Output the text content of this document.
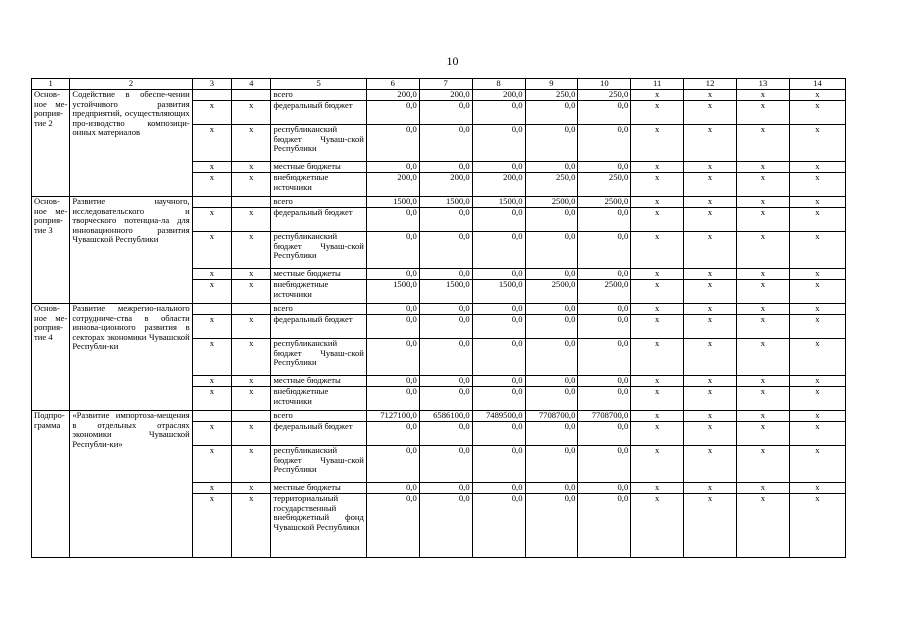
10
1	2	3	4	5	6	7	8	9	10	11	12	13	14
Основ-ное ме-роприя-тие 2	Содействие в обеспе-чении устойчивого развития предприятий, осуществляющих про-изводство композици-онных материалов			всего	200,0	200,0	200,0	250,0	250,0	х	х	х	х
		х	х	федеральный бюджет	0,0	0,0	0,0	0,0	0,0	х	х	х	х
		х	х	республиканский бюджет Чуваш-ской Республики	0,0	0,0	0,0	0,0	0,0	х	х	х	х
		х	х	местные бюджеты	0,0	0,0	0,0	0,0	0,0	х	х	х	х
		х	х	внебюджетные источники	200,0	200,0	200,0	250,0	250,0	х	х	х	х
Основ-ное ме-роприя-тие 3	Развитие научного, исследовательского и творческого потенциа-ла для инновационного развития Чувашской Республики			всего	1500,0	1500,0	1500,0	2500,0	2500,0	х	х	х	х
		х	х	федеральный бюджет	0,0	0,0	0,0	0,0	0,0	х	х	х	х
		х	х	республиканский бюджет Чуваш-ской Республики	0,0	0,0	0,0	0,0	0,0	х	х	х	х
		х	х	местные бюджеты	0,0	0,0	0,0	0,0	0,0	х	х	х	х
		х	х	внебюджетные источники	1500,0	1500,0	1500,0	2500,0	2500,0	х	х	х	х
Основ-ное ме-роприя-тие 4	Развитие межрегио-нального сотрудниче-ства в области иннова-ционного развития в секторах экономики Чувашской Республи-ки			всего	0,0	0,0	0,0	0,0	0,0	х	х	х	х
		х	х	федеральный бюджет	0,0	0,0	0,0	0,0	0,0	х	х	х	х
		х	х	республиканский бюджет Чуваш-ской Республики	0,0	0,0	0,0	0,0	0,0	х	х	х	х
		х	х	местные бюджеты	0,0	0,0	0,0	0,0	0,0	х	х	х	х
		х	х	внебюджетные источники	0,0	0,0	0,0	0,0	0,0	х	х	х	х
Подпро-грамма	«Развитие импортоза-мещения в отдельных отраслях экономики Чувашской Республи-ки»			всего	7127100,0	6586100,0	7489500,0	7708700,0	7708700,0	х	х	х	х
		х	х	федеральный бюджет	0,0	0,0	0,0	0,0	0,0	х	х	х	х
		х	х	республиканский бюджет Чуваш-ской Республики	0,0	0,0	0,0	0,0	0,0	х	х	х	х
		х	х	местные бюджеты	0,0	0,0	0,0	0,0	0,0	х	х	х	х
		х	х	территориальный государственный внебюджетный фонд Чувашской Республики	0,0	0,0	0,0	0,0	0,0	х	х	х	х
